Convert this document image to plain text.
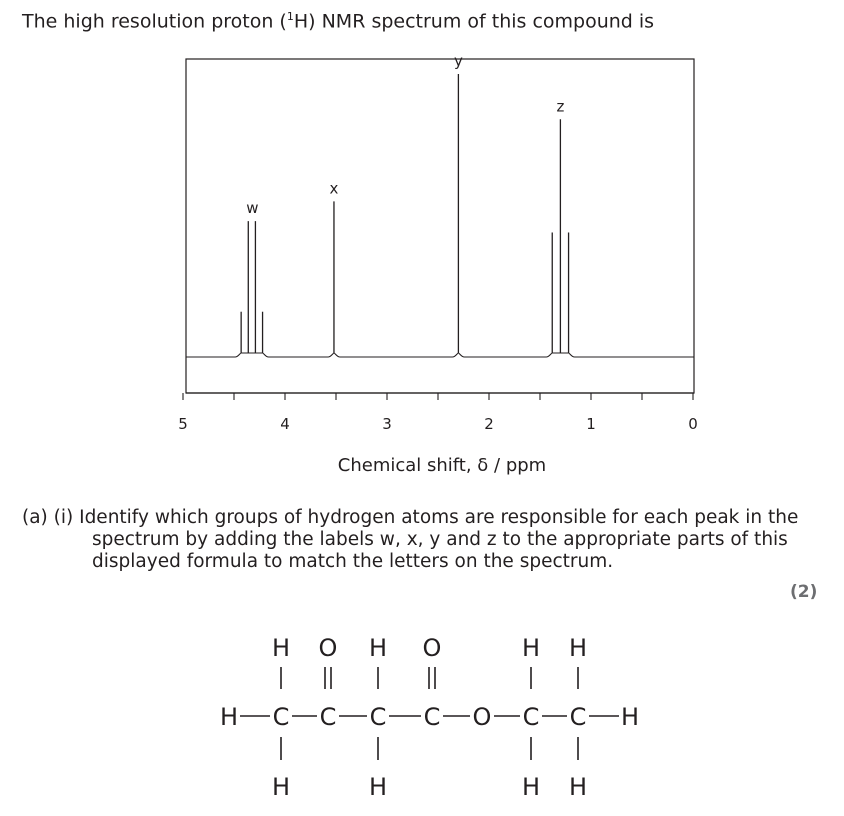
The high resolution proton ($^1$H) NMR spectrum of this compound is
w
x
y
z
5	4	3	2	1	0
Chemical shift, δ / ppm
(a) (i) Identify which groups of hydrogen atoms are responsible for each peak in the
spectrum by adding the labels w, x, y and z to the appropriate parts of this
displayed formula to match the letters on the spectrum.
(2)
H O H O	H H
H C C C C O C C H
H	H	H H
